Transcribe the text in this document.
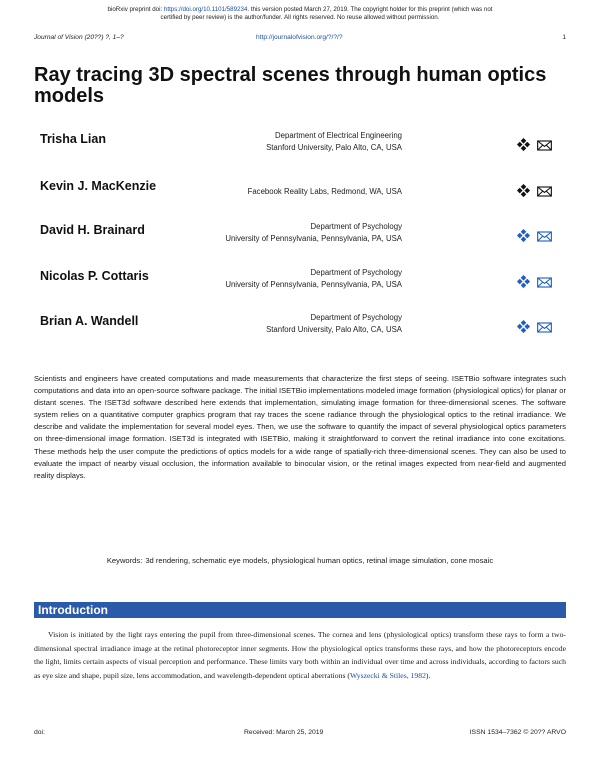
bioRxiv preprint doi: https://doi.org/10.1101/589234. this version posted March 27, 2019. The copyright holder for this preprint (which was not
certified by peer review) is the author/funder. All rights reserved. No reuse allowed without permission.
Journal of Vision (20??) ?, 1–?	http://journalofvision.org/?/?/?	1
Ray tracing 3D spectral scenes through human optics models
Trisha Lian	Department of Electrical Engineering
Stanford University, Palo Alto, CA, USA
Kevin J. MacKenzie	Facebook Reality Labs, Redmond, WA, USA
David H. Brainard	Department of Psychology
University of Pennsylvania, Pennsylvania, PA, USA
Nicolas P. Cottaris	Department of Psychology
University of Pennsylvania, Pennsylvania, PA, USA
Brian A. Wandell	Department of Psychology
Stanford University, Palo Alto, CA, USA

Scientists and engineers have created computations and made measurements that characterize the first steps of seeing. ISETBio software integrates such computations and data into an open-source software package. The initial ISETBio implementations modeled image formation (physiological optics) for planar or distant scenes. The ISET3d software described here extends that implementation, simulating image formation for three-dimensional scenes. The software system relies on a quantitative computer graphics program that ray traces the scene radiance through the physiological optics to the retinal irradiance. We describe and validate the implementation for several model eyes. Then, we use the software to quantify the impact of several physiological optics parameters on three-dimensional image formation. ISET3d is integrated with ISETBio, making it straightforward to convert the retinal irradiance into cone excitations. These methods help the user compute the predictions of optics models for a wide range of spatially-rich three-dimensional scenes. They can also be used to evaluate the impact of nearby visual occlusion, the information available to binocular vision, or the retinal images expected from near-field and augmented reality displays.

Keywords: 3d rendering, schematic eye models, physiological human optics, retinal image simulation, cone mosaic
Introduction

Vision is initiated by the light rays entering the pupil from three-dimensional scenes. The cornea and lens (physiological optics) transform these rays to form a two-dimensional spectral irradiance image at the retinal photoreceptor inner segments. How the physiological optics transforms these rays, and how the photoreceptors encode the light, limits certain aspects of visual perception and performance. These limits vary both within an individual over time and across individuals, according to factors such as eye size and shape, pupil size, lens accommodation, and wavelength-dependent optical aberrations (Wyszecki & Stiles, 1982).

doi:	Received: March 25, 2019	ISSN 1534–7362 © 20?? ARVO
